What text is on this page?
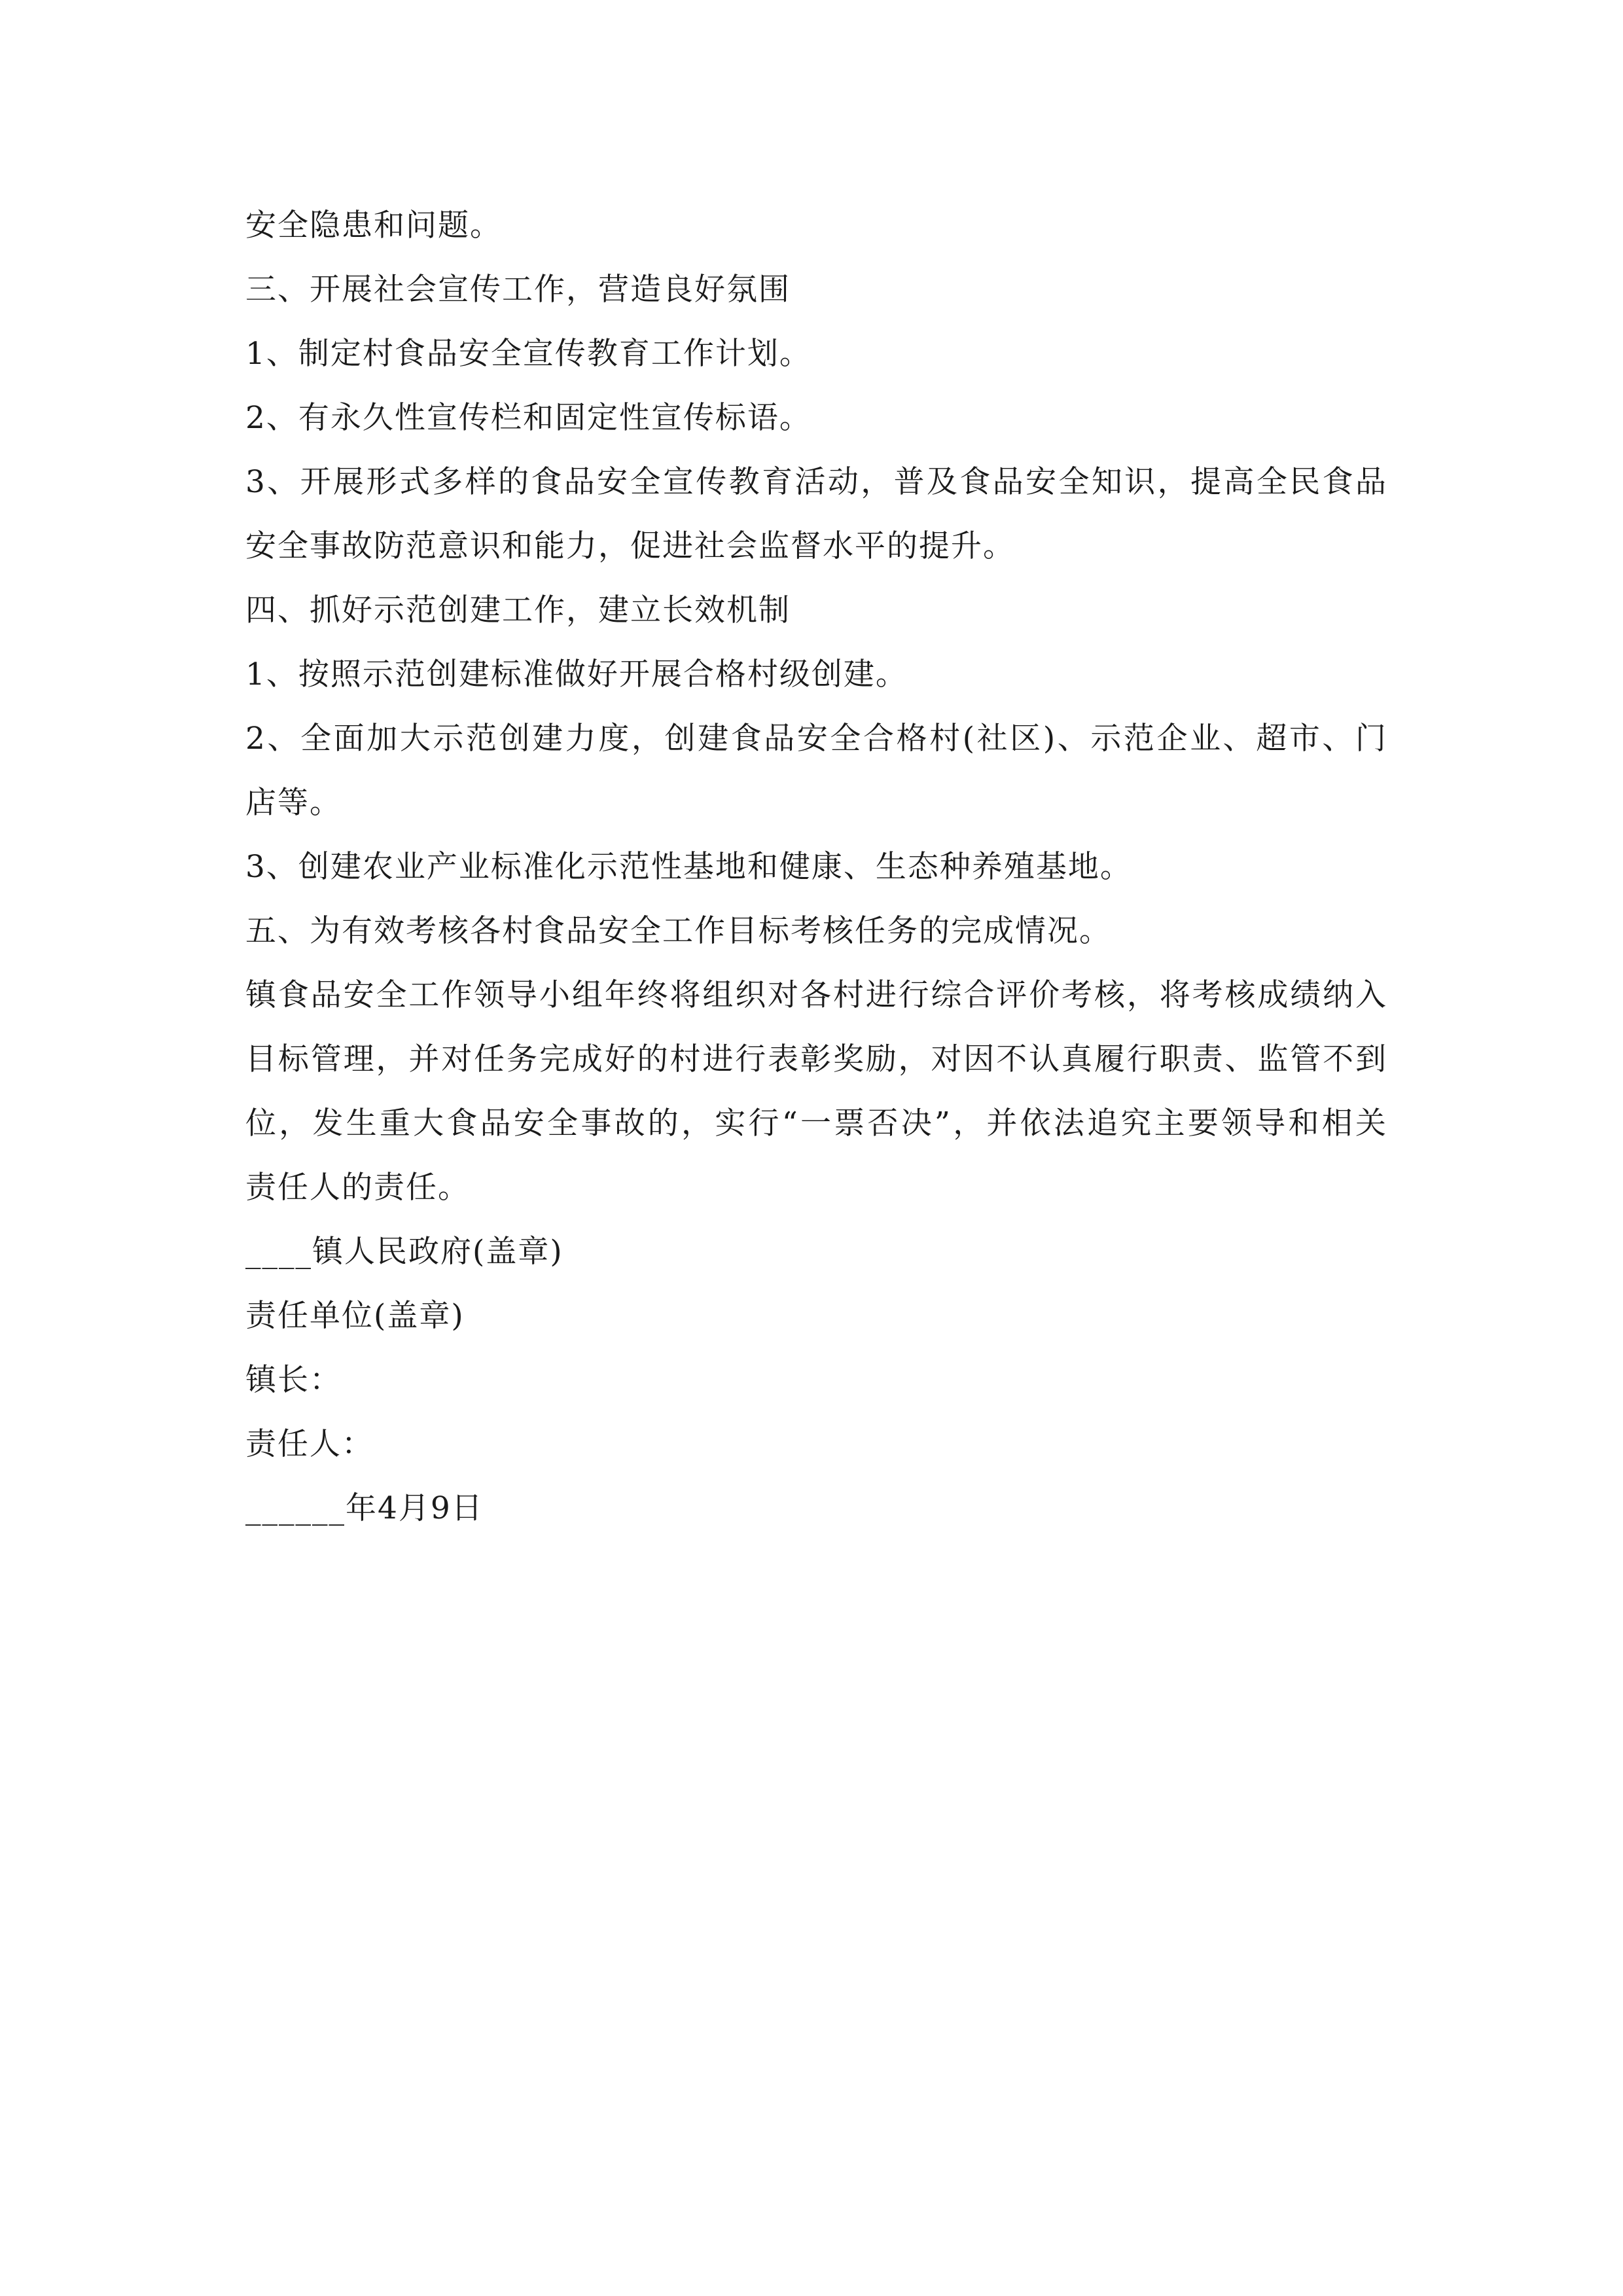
安全隐患和问题。

三、开展社会宣传工作，营造良好氛围

1、制定村食品安全宣传教育工作计划。

2、有永久性宣传栏和固定性宣传标语。

3、开展形式多样的食品安全宣传教育活动，普及食品安全知识，提高全民食品

安全事故防范意识和能力，促进社会监督水平的提升。

四、抓好示范创建工作，建立长效机制

1、按照示范创建标准做好开展合格村级创建。

2、全面加大示范创建力度，创建食品安全合格村(社区)、示范企业、超市、门

店等。

3、创建农业产业标准化示范性基地和健康、生态种养殖基地。

五、为有效考核各村食品安全工作目标考核任务的完成情况。

镇食品安全工作领导小组年终将组织对各村进行综合评价考核，将考核成绩纳入

目标管理，并对任务完成好的村进行表彰奖励，对因不认真履行职责、监管不到

位，发生重大食品安全事故的，实行“一票否决”，并依法追究主要领导和相关

责任人的责任。

____镇人民政府(盖章)

责任单位(盖章)

镇长：

责任人：

______年4月9日
